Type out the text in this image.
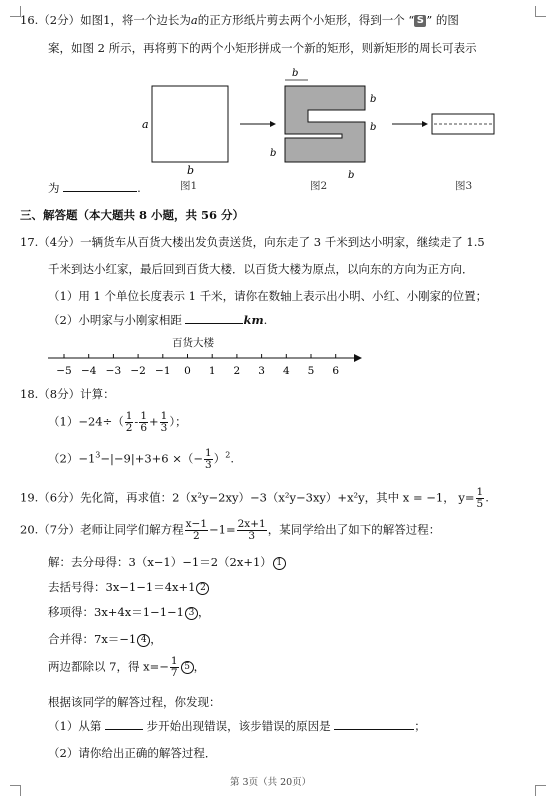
16.（2分）如图1，将一个边长为a的正方形纸片剪去两个小矩形，得到一个 “ S ” 的图
案，如图 2 所示，再将剪下的两个小矩形拼成一个新的矩形，则新矩形的周长可表示
a
b
图1
b
b
b
b
b
图2	图3
为	.
三、解答题（本大题共 8 小题，共 56 分）
17.（4分）一辆货车从百货大楼出发负责送货，向东走了 3 千米到达小明家，继续走了 1.5
千米到达小红家，最后回到百货大楼．以百货大楼为原点，以向东的方向为正方向．
（1）用 1 个单位长度表示 1 千米，请你在数轴上表示出小明、小红、小刚家的位置；
（2）小明家与小刚家相距	km.
百货大楼
−5 −4 −3 −2 −1 0 1 2 3 4 5 6
18.（8分）计算：
$(1)-24\div( \frac{1}{2} - \frac{1}{6} + \frac{1}{3}$ ）；
$(2)-1^3-|-9|+3+6$ ×（− $\frac{1}{3} )^2$.
19.（6分）先化简，再求值：2（x²y−2xy）−3（x²y−3xy）+x²y，其中 x = −1， $y= \frac{1}{5}$ .
20.（7分）老师让同学们解方程 $\frac{x-1}{2} -1= \frac{2x+1}{3}$ ，某同学给出了如下的解答过程：
解：去分母得：3（x−1）−1＝2（2x+1） 1
去括号得：3x−1−1＝4x+1 2
移项得：3x+4x＝1−1−1 3 ，
合并得：7x＝−1 4 ，
两边都除以 7，得 $x=- \frac{1}{7} 5$ ，
根据该同学的解答过程，你发现：
（1）从第	步开始出现错误，该步错误的原因是	；
（2）请你给出正确的解答过程．
第 3页（共 20页）
